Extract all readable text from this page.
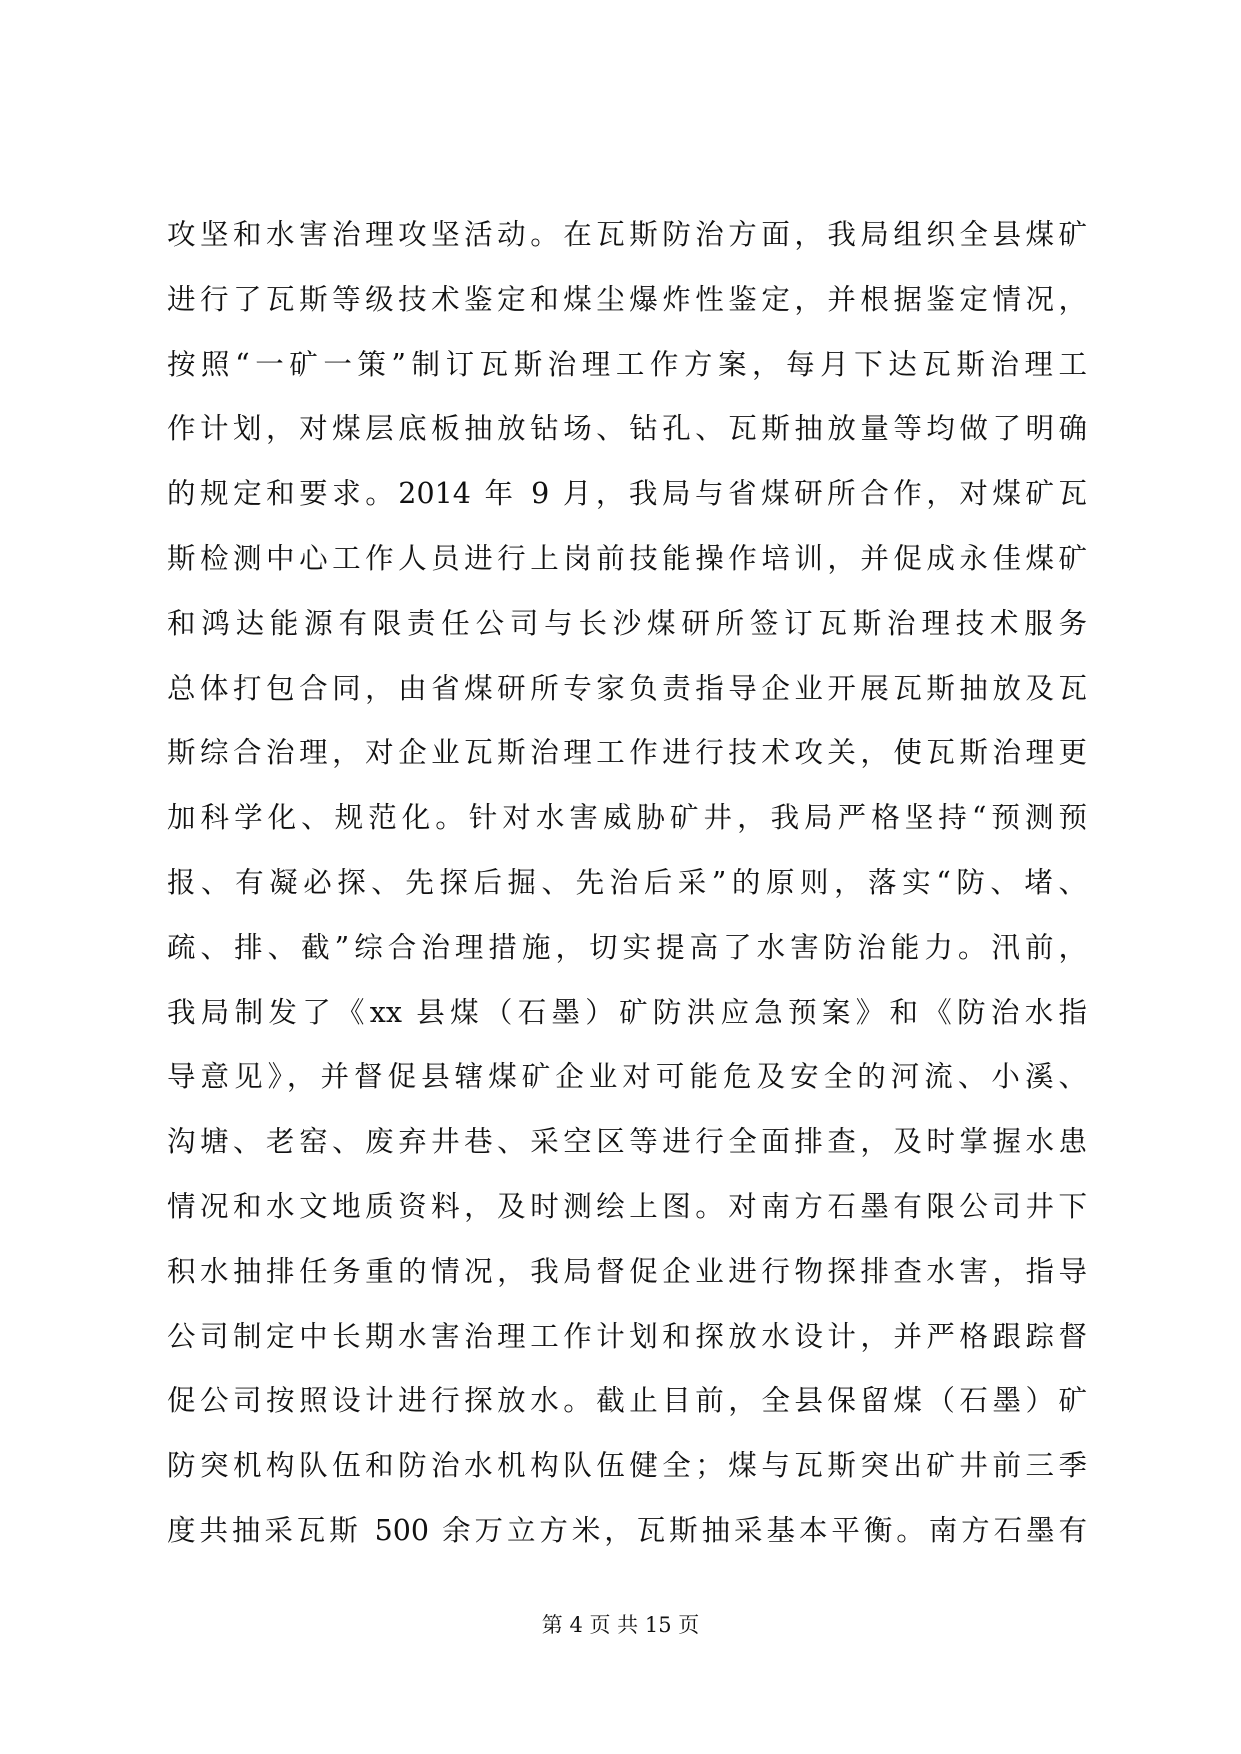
攻坚和水害治理攻坚活动。在瓦斯防治方面，我局组织全县煤矿
进行了瓦斯等级技术鉴定和煤尘爆炸性鉴定，并根据鉴定情况，
按照“一矿一策”制订瓦斯治理工作方案，每月下达瓦斯治理工
作计划，对煤层底板抽放钻场、钻孔、瓦斯抽放量等均做了明确
的规定和要求。2014 年 9 月，我局与省煤研所合作，对煤矿瓦
斯检测中心工作人员进行上岗前技能操作培训，并促成永佳煤矿
和鸿达能源有限责任公司与长沙煤研所签订瓦斯治理技术服务
总体打包合同，由省煤研所专家负责指导企业开展瓦斯抽放及瓦
斯综合治理，对企业瓦斯治理工作进行技术攻关，使瓦斯治理更
加科学化、规范化。针对水害威胁矿井，我局严格坚持“预测预
报、有凝必探、先探后掘、先治后采”的原则，落实“防、堵、
疏、排、截”综合治理措施，切实提高了水害防治能力。汛前，
我局制发了《xx 县煤（石墨）矿防洪应急预案》和《防治水指
导意见》，并督促县辖煤矿企业对可能危及安全的河流、小溪、
沟塘、老窑、废弃井巷、采空区等进行全面排查，及时掌握水患
情况和水文地质资料，及时测绘上图。对南方石墨有限公司井下
积水抽排任务重的情况，我局督促企业进行物探排查水害，指导
公司制定中长期水害治理工作计划和探放水设计，并严格跟踪督
促公司按照设计进行探放水。截止目前，全县保留煤（石墨）矿
防突机构队伍和防治水机构队伍健全；煤与瓦斯突出矿井前三季
度共抽采瓦斯 500 余万立方米，瓦斯抽采基本平衡。南方石墨有
第 4 页 共 15 页
